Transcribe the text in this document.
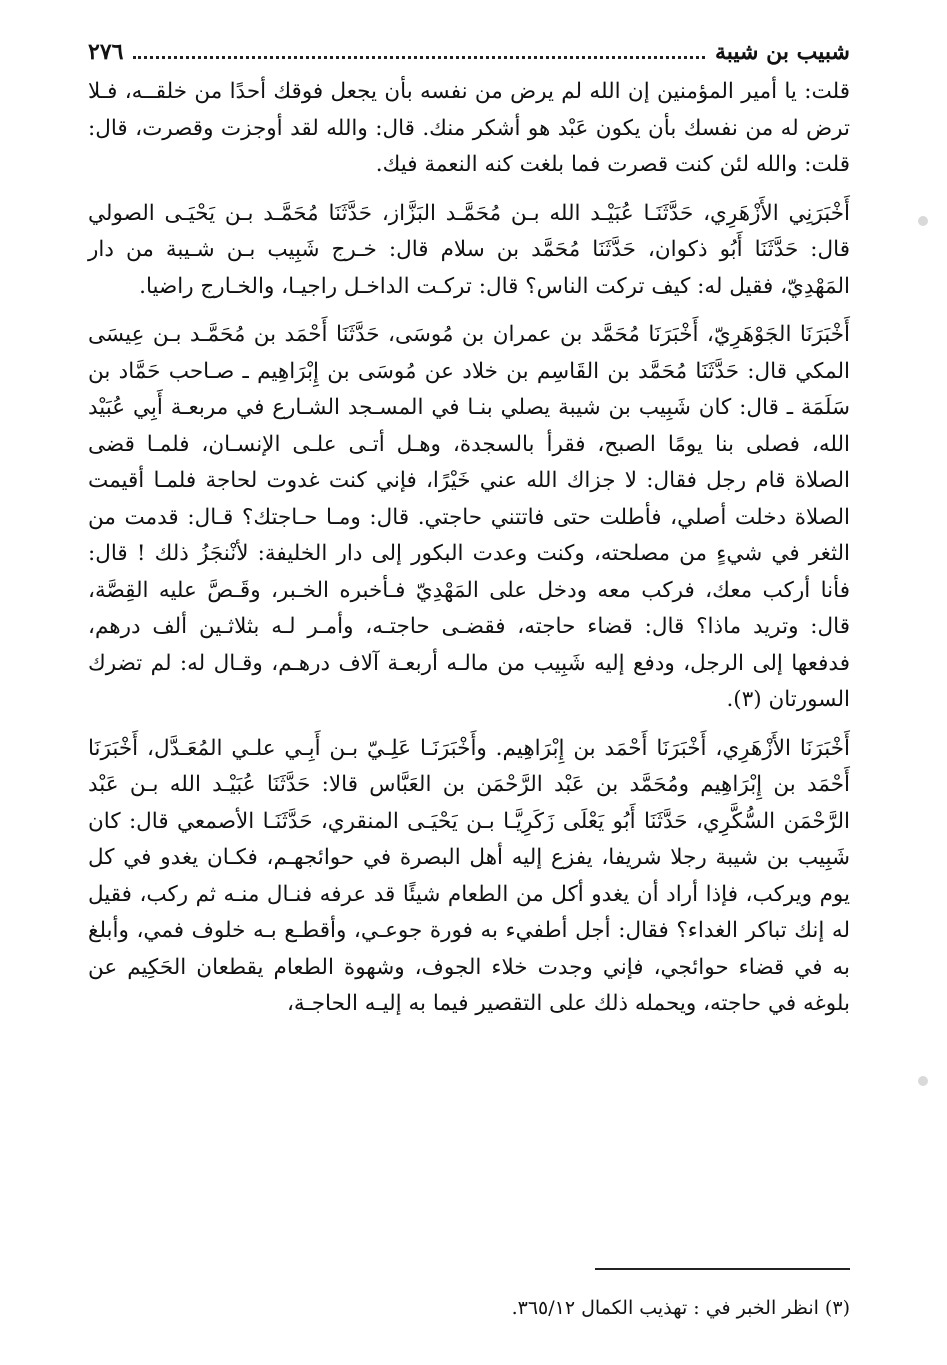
شبيب بن شيبة
٢٧٦

قلت: يا أمير المؤمنين إن الله لم يرض من نفسه بأن يجعل فوقك أحدًا من خلقــه، فـلا ترض له من نفسك بأن يكون عَبْد هو أشكر منك. قال: والله لقد أوجزت وقصرت، قال: قلت: والله لئن كنت قصرت فما بلغت كنه النعمة فيك.

أَخْبَرَنِي الأَزْهَرِي، حَدَّثَنَـا عُبَيْـد الله بـن مُحَمَّـد البَزَّاز، حَدَّثَنَا مُحَمَّـد بـن يَحْيَـى الصولي قال: حَدَّثَنَا أَبُو ذكوان، حَدَّثَنَا مُحَمَّد بن سلام قال: خـرج شَبِيب بـن شـيبة من دار المَهْدِيّ، فقيل له: كيف تركت الناس؟ قال: تركـت الداخـل راجيـا، والخـارج راضيا.

أَخْبَرَنَا الجَوْهَرِيّ، أَخْبَرَنَا مُحَمَّد بن عمران بن مُوسَى، حَدَّثَنَا أَحْمَد بن مُحَمَّـد بـن عِيسَى المكي قال: حَدَّثَنَا مُحَمَّد بن القَاسِم بن خلاد عن مُوسَى بن إِبْرَاهِيم ـ صـاحب حَمَّاد بن سَلَمَة ـ قال: كان شَبِيب بن شيبة يصلي بنـا في المسـجد الشـارع في مربعـة أَبِي عُبَيْد الله، فصلى بنا يومًا الصبح، فقرأ بالسجدة، وهـل أتـى علـى الإنسـان، فلمـا قضى الصلاة قام رجل فقال: لا جزاك الله عني خَيْرًا، فإني كنت غدوت لحاجة فلمـا أقيمت الصلاة دخلت أصلي، فأطلت حتى فاتتني حاجتي. قال: ومـا حـاجتك؟ قـال: قدمت من الثغر في شيءٍ من مصلحته، وكنت وعدت البكور إلى دار الخليفة: لأنْنجَزُ ذلك ! قال: فأنا أركب معك، فركب معه ودخل على المَهْدِيّ فـأخبره الخـبر، وقَـصَّ عليه القِصَّة، قال: وتريد ماذا؟ قال: قضاء حاجته، فقضـى حاجتـه، وأمـر لـه بثلاثـين ألف درهم، فدفعها إلى الرجل، ودفع إليه شَبِيب من مالـه أربعـة آلاف درهـم، وقـال له: لم تضرك السورتان (٣).

أَخْبَرَنَا الأَزْهَرِي، أَخْبَرَنَا أَحْمَد بن إِبْرَاهِيم. وأَخْبَرَنَـا عَلِـيّ بـن أَبِـي علـي المُعَـدَّل، أَخْبَرَنَا أَحْمَد بن إِبْرَاهِيم ومُحَمَّد بن عَبْد الرَّحْمَن بن العَبَّاس قالا: حَدَّثَنَا عُبَيْـد الله بـن عَبْد الرَّحْمَن السُّكَّرِي، حَدَّثَنَا أَبُو يَعْلَى زَكَرِيَّـا بـن يَحْيَـى المنقري، حَدَّثَنَـا الأصمعي قال: كان شَبِيب بن شيبة رجلا شريفا، يفزع إليه أهل البصرة في حوائجهـم، فكـان يغدو في كل يوم ويركب، فإذا أراد أن يغدو أكل من الطعام شيئًا قد عرفه فنـال منـه ثم ركب، فقيل له إنك تباكر الغداء؟ فقال: أجل أطفيء به فورة جوعـي، وأقطـع بـه خلوف فمي، وأبلغ به في قضاء حوائجي، فإني وجدت خلاء الجوف، وشهوة الطعام يقطعان الحَكِيم عن بلوغه في حاجته، ويحمله ذلك على التقصير فيما به إليـه الحاجـة،

(٣) انظر الخبر في : تهذيب الكمال ٣٦٥/١٢.
